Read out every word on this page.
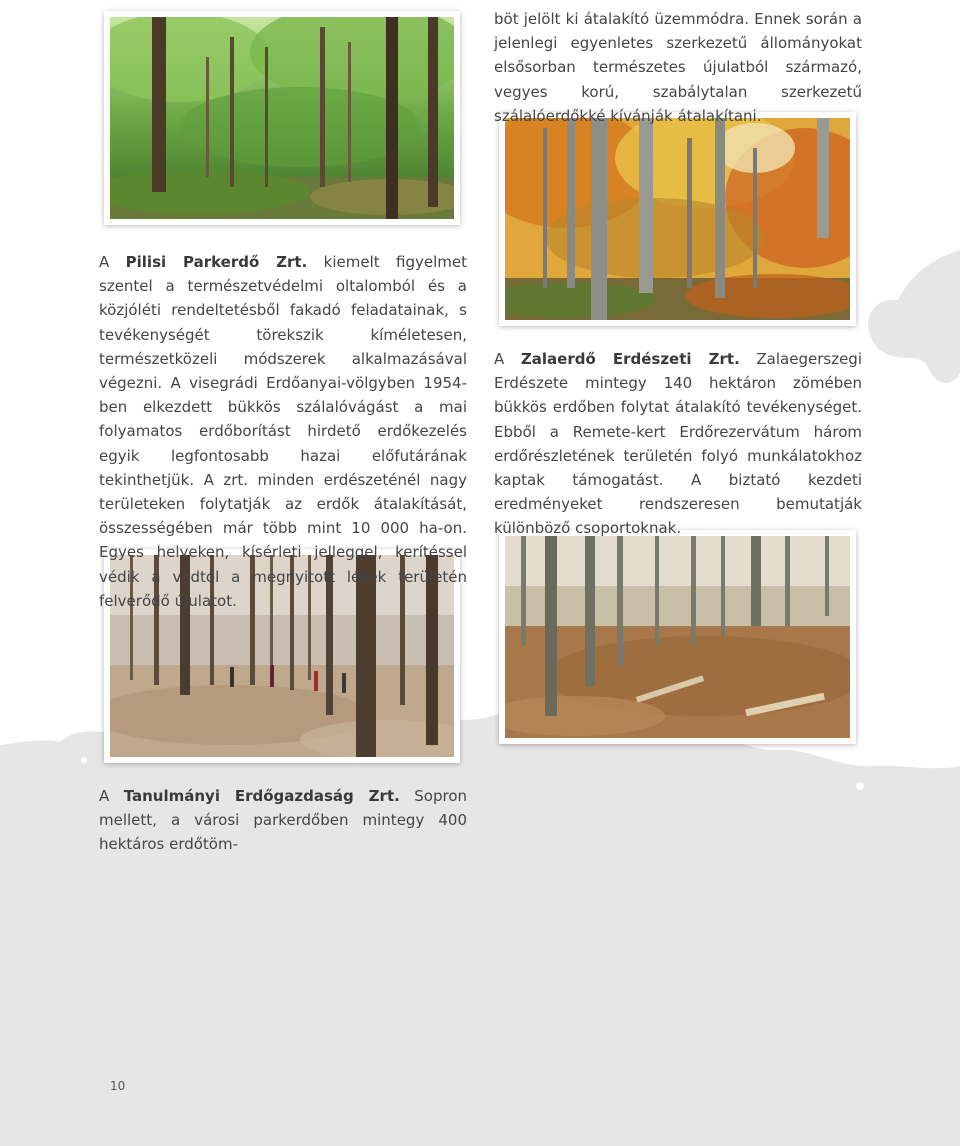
böt jelölt ki átalakító üzemmódra. Ennek során a jelenlegi egyenletes szerkezetű állományokat elsősorban természetes újulatból származó, vegyes korú, szabálytalan szerkezetű szálalóerdőkké kívánják átalakítani.

A Pilisi Parkerdő Zrt. kiemelt figyelmet szentel a természetvédelmi oltalomból és a közjóléti rendeltetésből fakadó feladatainak, s tevékenységét törekszik kíméletesen, természetközeli módszerek alkalmazásával végezni. A visegrádi Erdőanyai-völgyben 1954-ben elkezdett bükkös szálalóvágást a mai folyamatos erdőborítást hirdető erdőkezelés egyik legfontosabb hazai előfutárának tekinthetjük. A zrt. minden erdészeténél nagy területeken folytatják az erdők átalakítását, összességében már több mint 10 000 ha-on. Egyes helyeken, kísérleti jelleggel, kerítéssel védik a vadtól a megnyitott lékek területén felverődő újulatot.

A Zalaerdő Erdészeti Zrt. Zalaegerszegi Erdészete mintegy 140 hektáron zömében bükkös erdőben folytat átalakító tevékenységet. Ebből a Remete-kert Erdőrezervátum három erdőrészletének területén folyó munkálatokhoz kaptak támogatást. A biztató kezdeti eredményeket rendszeresen bemutatják különböző csoportoknak.

A Tanulmányi Erdőgazdaság Zrt. Sopron mellett, a városi parkerdőben mintegy 400 hektáros erdőtöm-

10
